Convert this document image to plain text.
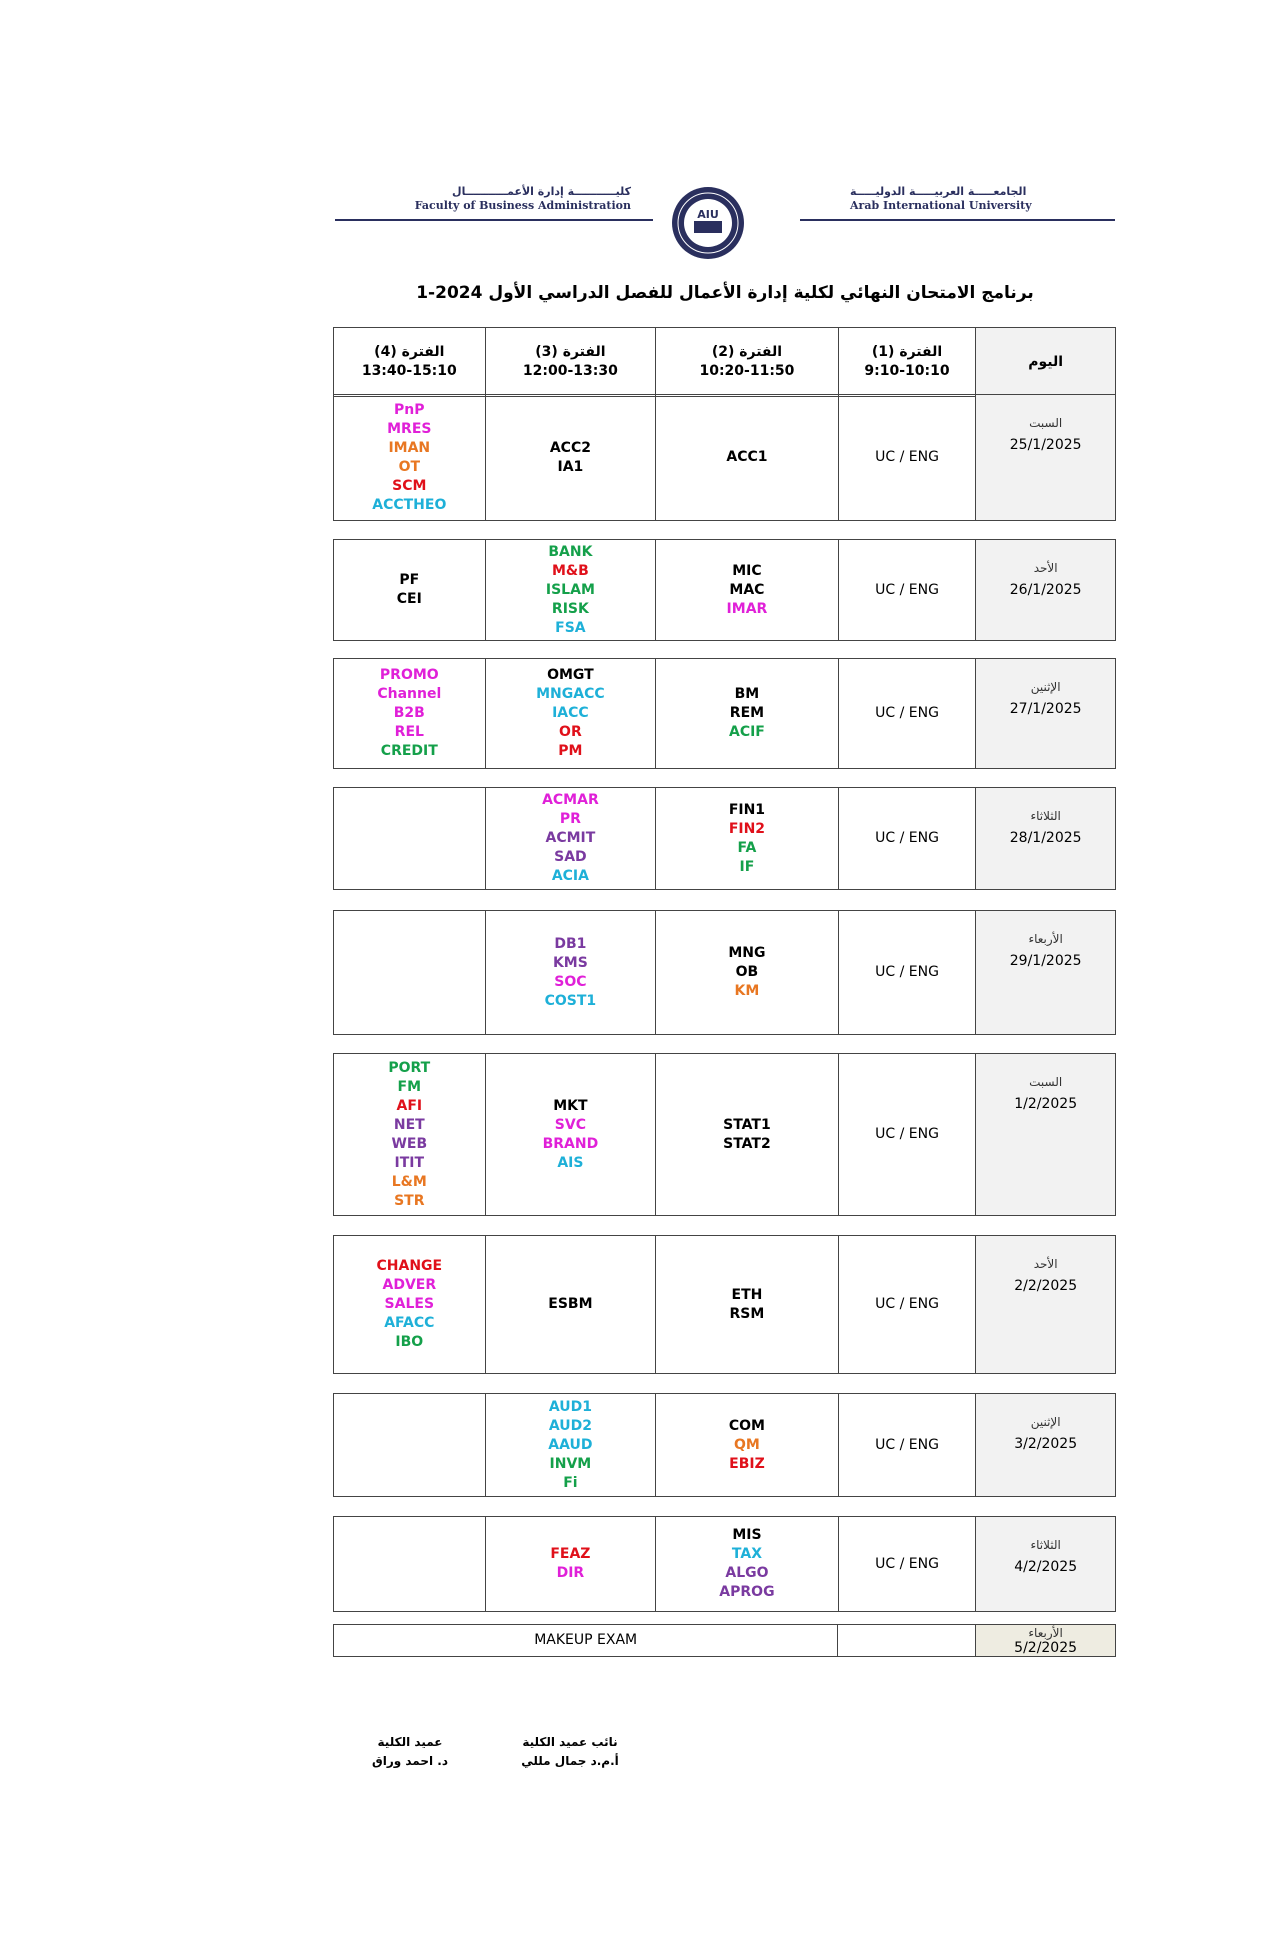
كليـــــــــــة إدارة الأعمـــــــــــال
Faculty of Business Administration
AIU
الجامعـــــة العربيـــــة الدوليـــــة
Arab International University
برنامج الامتحان النهائي لكلية إدارة الأعمال للفصل الدراسي الأول 2024-1
الفترة (4)
13:40-15:10
الفترة (3)
12:00-13:30
الفترة (2)
10:20-11:50
الفترة (1)
9:10-10:10
اليوم
PnP
MRES
IMAN
OT
SCM
ACCTHEO
ACC2
IA1
ACC1	UC / ENG
السبت
25/1/2025
PF
CEI
BANK
M&B
ISLAM
RISK
FSA
MIC
MAC
IMAR
UC / ENG
الأحد
26/1/2025
PROMO
Channel
B2B
REL
CREDIT
OMGT
MNGACC
IACC
OR
PM
BM
REM
ACIF
UC / ENG
الإثنين
27/1/2025
ACMAR
PR
ACMIT
SAD
ACIA
FIN1
FIN2
FA
IF
UC / ENG
الثلاثاء
28/1/2025
DB1
KMS
SOC
COST1
MNG
OB
KM
UC / ENG
الأربعاء
29/1/2025
PORT
FM
AFI
NET
WEB
ITIT
L&M
STR
MKT
SVC
BRAND
AIS
STAT1
STAT2
UC / ENG
السبت
1/2/2025
CHANGE
ADVER
SALES
AFACC
IBO
ESBM
ETH
RSM
UC / ENG
الأحد
2/2/2025
AUD1
AUD2
AAUD
INVM
Fi
COM
QM
EBIZ
UC / ENG
الإثنين
3/2/2025
FEAZ
DIR
MIS
TAX
ALGO
APROG
UC / ENG
الثلاثاء
4/2/2025
MAKEUP EXAM	الأربعاء
5/2/2025
عميد الكلية
د. احمد وراق
نائب عميد الكلية
أ.م.د جمال مللي
